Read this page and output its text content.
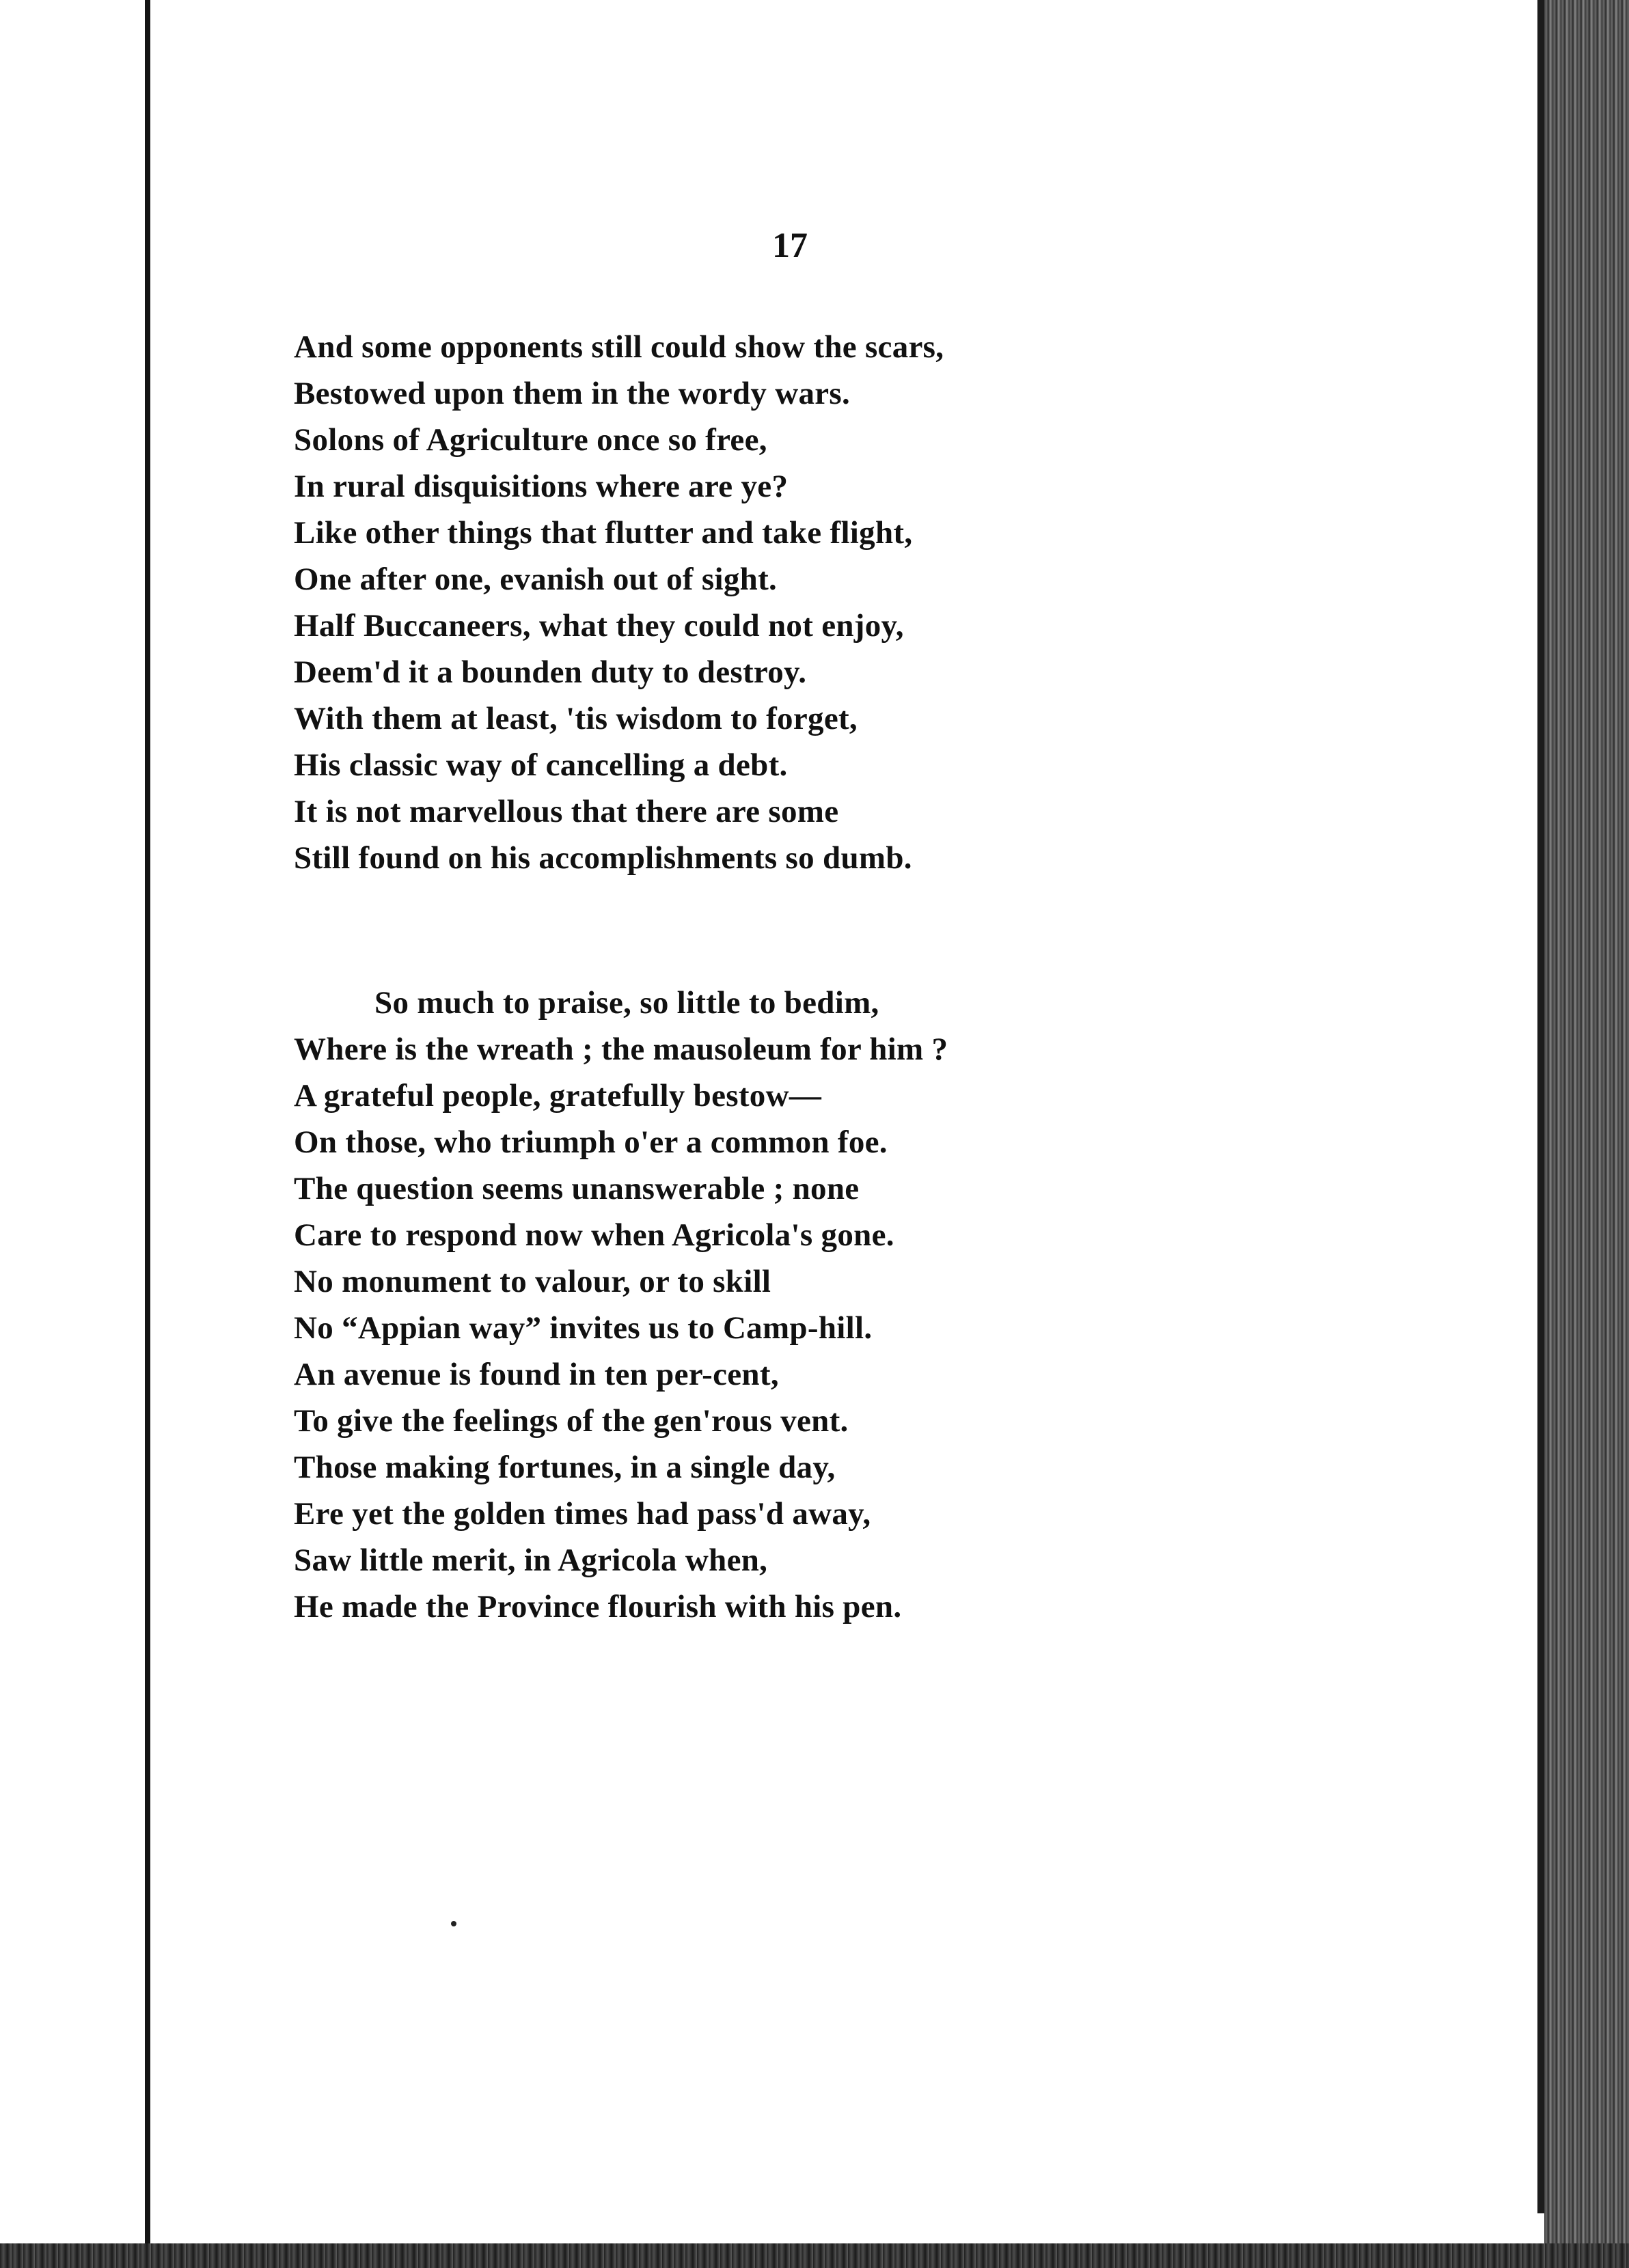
17
And some opponents still could show the scars,
Bestowed upon them in the wordy wars.
Solons of Agriculture once so free,
In rural disquisitions where are ye?
Like other things that flutter and take flight,
One after one, evanish out of sight.
Half Buccaneers, what they could not enjoy,
Deem'd it a bounden duty to destroy.
With them at least, 'tis wisdom to forget,
His classic way of cancelling a debt.
It is not marvellous that there are some
Still found on his accomplishments so dumb.
So much to praise, so little to bedim,
Where is the wreath ; the mausoleum for him ?
A grateful people, gratefully bestow—
On those, who triumph o'er a common foe.
The question seems unanswerable ; none
Care to respond now when Agricola's gone.
No monument to valour, or to skill
No “Appian way” invites us to Camp-hill.
An avenue is found in ten per-cent,
To give the feelings of the gen'rous vent.
Those making fortunes, in a single day,
Ere yet the golden times had pass'd away,
Saw little merit, in Agricola when,
He made the Province flourish with his pen.
